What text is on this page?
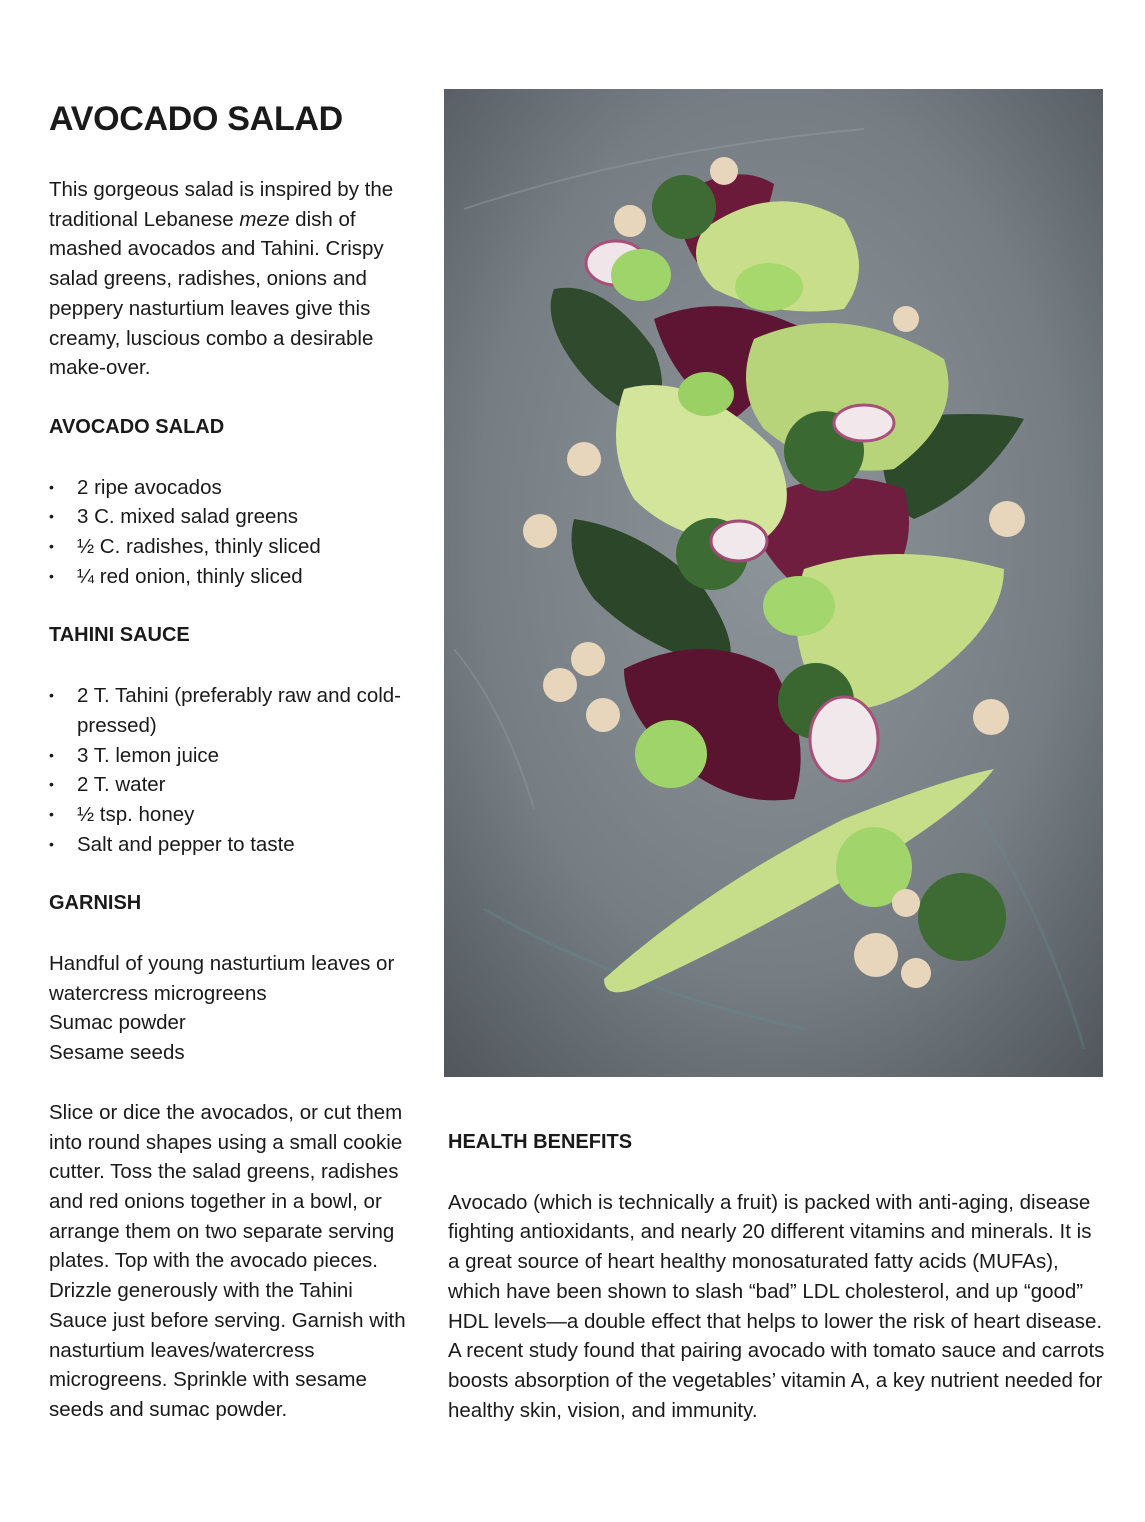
AVOCADO SALAD

This gorgeous salad is inspired by the traditional Lebanese meze dish of mashed avocados and Tahini. Crispy salad greens, radishes, onions and peppery nasturtium leaves give this creamy, luscious combo a desirable make-over.

AVOCADO SALAD
• 2 ripe avocados
• 3 C. mixed salad greens
• ½ C. radishes, thinly sliced
• ¼ red onion, thinly sliced
TAHINI SAUCE
• 2 T. Tahini (preferably raw and cold-pressed)
• 3 T. lemon juice
• 2 T. water
• ½ tsp. honey
• Salt and pepper to taste
GARNISH

Handful of young nasturtium leaves or watercress microgreens

Sumac powder

Sesame seeds

Slice or dice the avocados, or cut them into round shapes using a small cookie cutter. Toss the salad greens, radishes and red onions together in a bowl, or arrange them on two separate serving plates. Top with the avocado pieces. Drizzle generously with the Tahini Sauce just before serving. Garnish with nasturtium leaves/watercress microgreens. Sprinkle with sesame seeds and sumac powder.

HEALTH BENEFITS

Avocado (which is technically a fruit) is packed with anti-aging, disease fighting antioxidants, and nearly 20 different vitamins and minerals. It is a great source of heart healthy monosaturated fatty acids (MUFAs), which have been shown to slash “bad” LDL cholesterol, and up “good” HDL levels—a double effect that helps to lower the risk of heart disease. A recent study found that pairing avocado with tomato sauce and carrots boosts absorption of the vegetables’ vitamin A, a key nutrient needed for healthy skin, vision, and immunity.
